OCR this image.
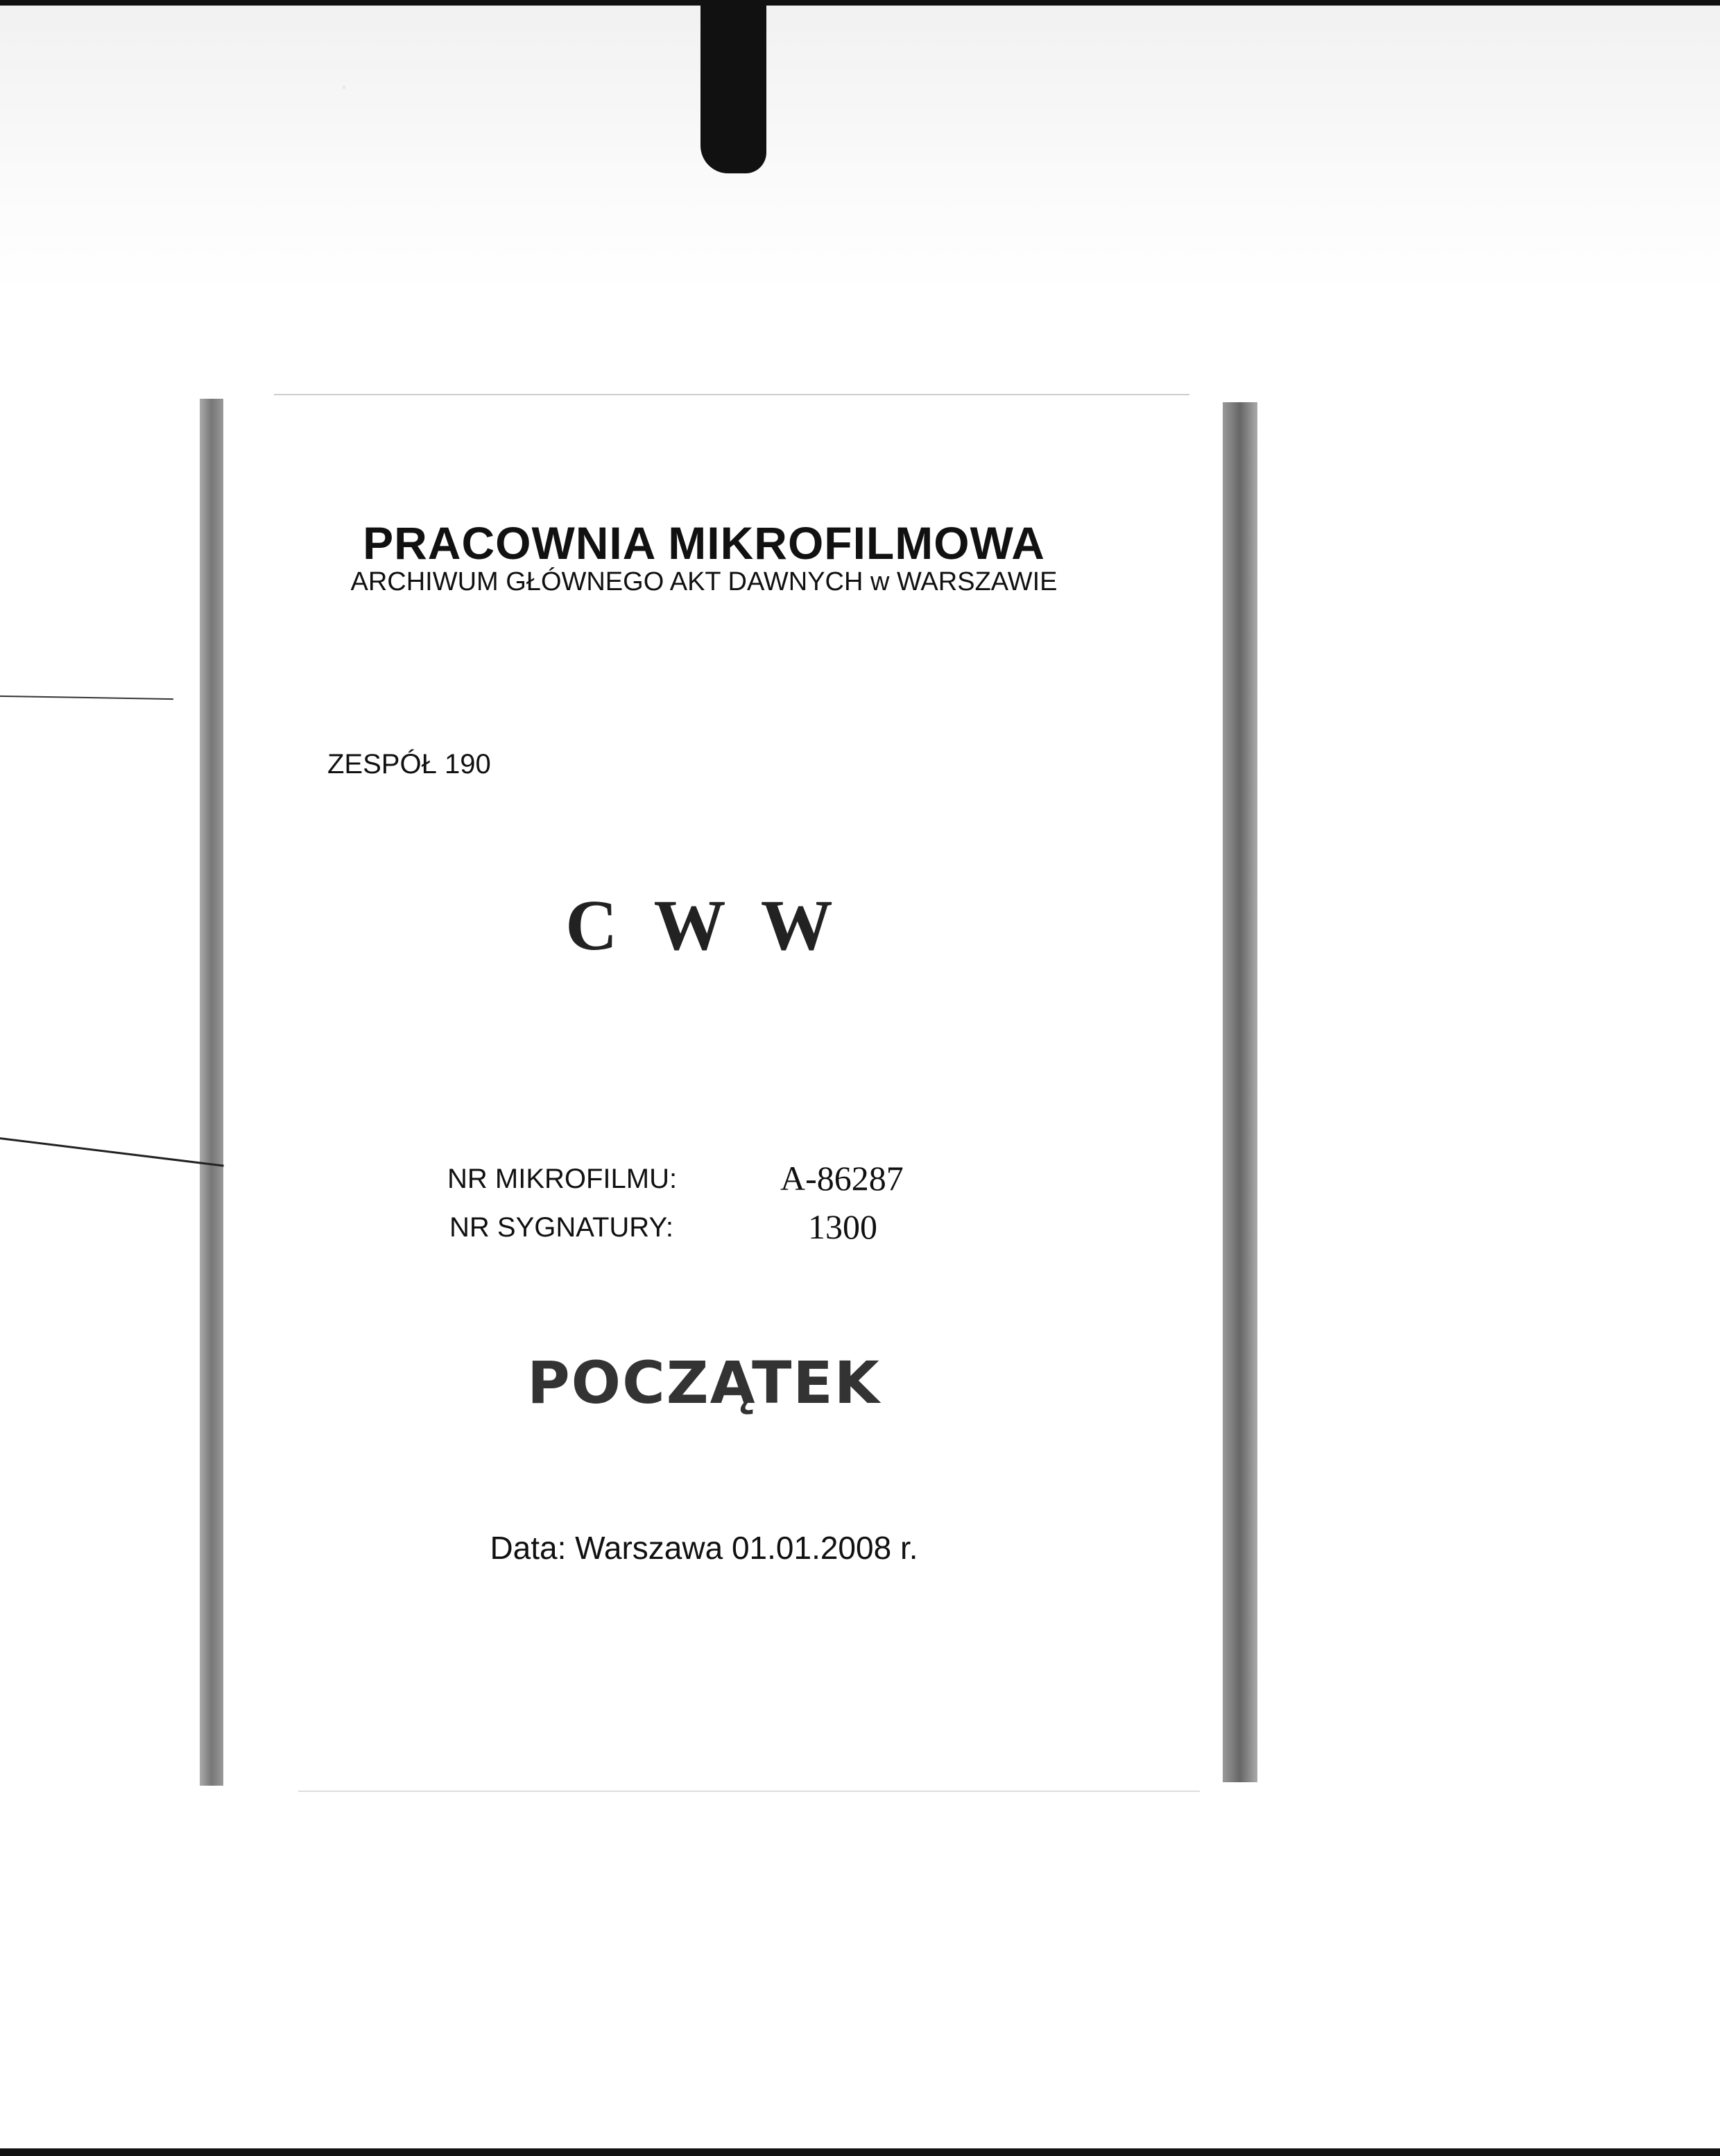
PRACOWNIA MIKROFILMOWA
ARCHIWUM GŁÓWNEGO AKT DAWNYCH w WARSZAWIE
ZESPÓŁ 190
C W W
NR MIKROFILMU:	A-86287
NR SYGNATURY:	1300
POCZĄTEK
Data: Warszawa 01.01.2008 r.
